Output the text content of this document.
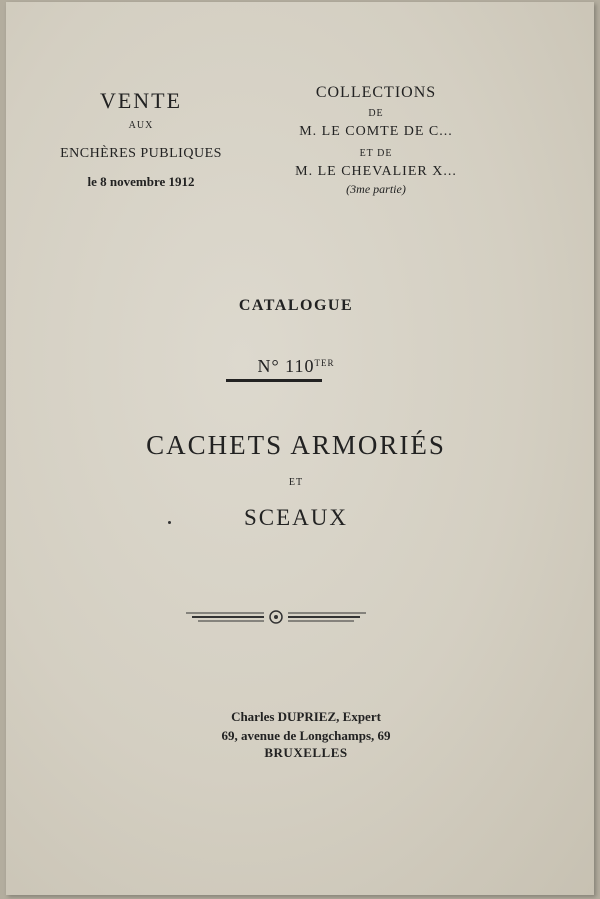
VENTE
AUX
ENCHÈRES PUBLIQUES
le 8 novembre 1912
COLLECTIONS
DE
M. LE COMTE DE C...
ET DE
M. LE CHEVALIER X...
(3me partie)
CATALOGUE
N° $110^{TER}$
CACHETS ARMORIÉS
ET
SCEAUX
Charles DUPRIEZ, Expert
69, avenue de Longchamps, 69
BRUXELLES
